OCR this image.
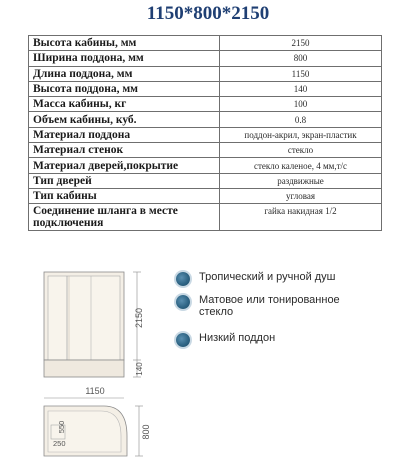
1150*800*2150
Высота кабины, мм	2150
Ширина поддона, мм	800
Длина поддона, мм	1150
Высота поддона, мм	140
Масса кабины, кг	100
Объем кабины, куб.	0.8
Материал поддона	поддон-акрил, экран-пластик
Материал стенок	стекло
Материал дверей,покрытие	стекло каленое, 4 мм,т/с
Тип дверей	раздвижные
Тип кабины	угловая
Соединение шланга в месте подключения	гайка накидная 1/2
2150
140
1150
550
250
800
Тропический и ручной душ
Матовое или тонированное стекло
Низкий поддон
